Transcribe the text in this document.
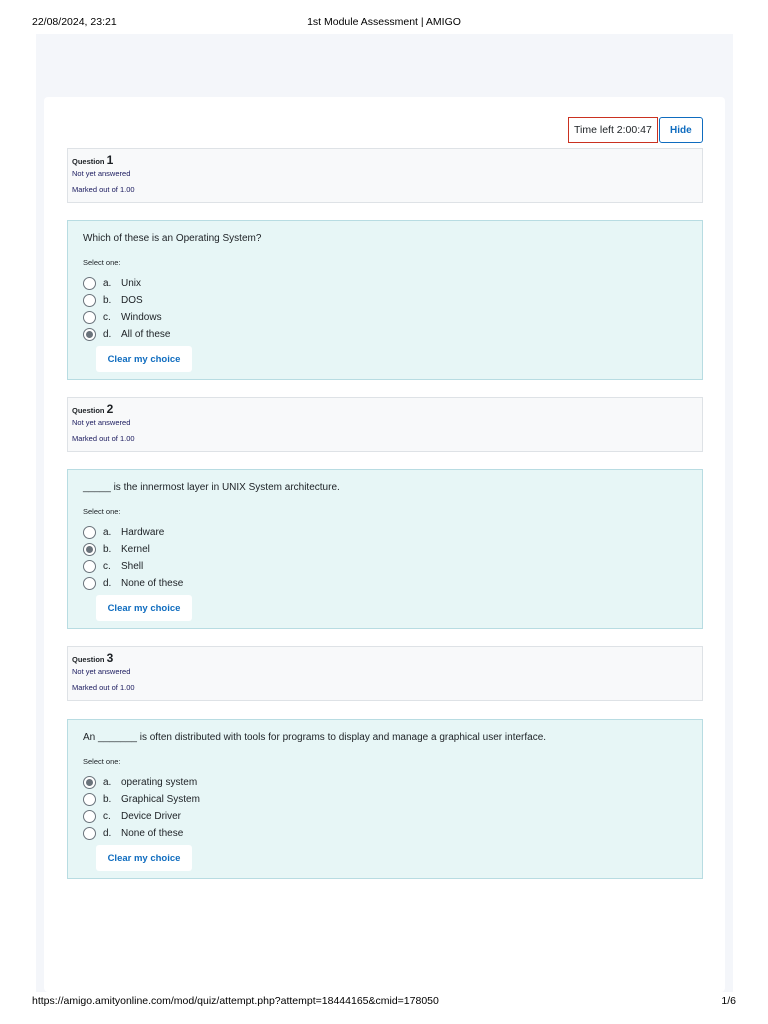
22/08/2024, 23:21	1st Module Assessment | AMIGO
Time left 2:00:47	Hide
Question 1
Not yet answered
Marked out of 1.00
Which of these is an Operating System?
Select one:
a. Unix
b. DOS
c.	Windows
d. All of these
Clear my choice
Question 2
Not yet answered
Marked out of 1.00
_____ is the innermost layer in UNIX System architecture.
Select one:
a. Hardware
b. Kernel
c.	Shell
d. None of these
Clear my choice
Question 3
Not yet answered
Marked out of 1.00
An _______ is often distributed with tools for programs to display and manage a graphical user interface.
Select one:
a. operating system
b. Graphical System
c.	Device Driver
d. None of these
Clear my choice
https://amigo.amityonline.com/mod/quiz/attempt.php?attempt=18444165&cmid=178050	1/6
